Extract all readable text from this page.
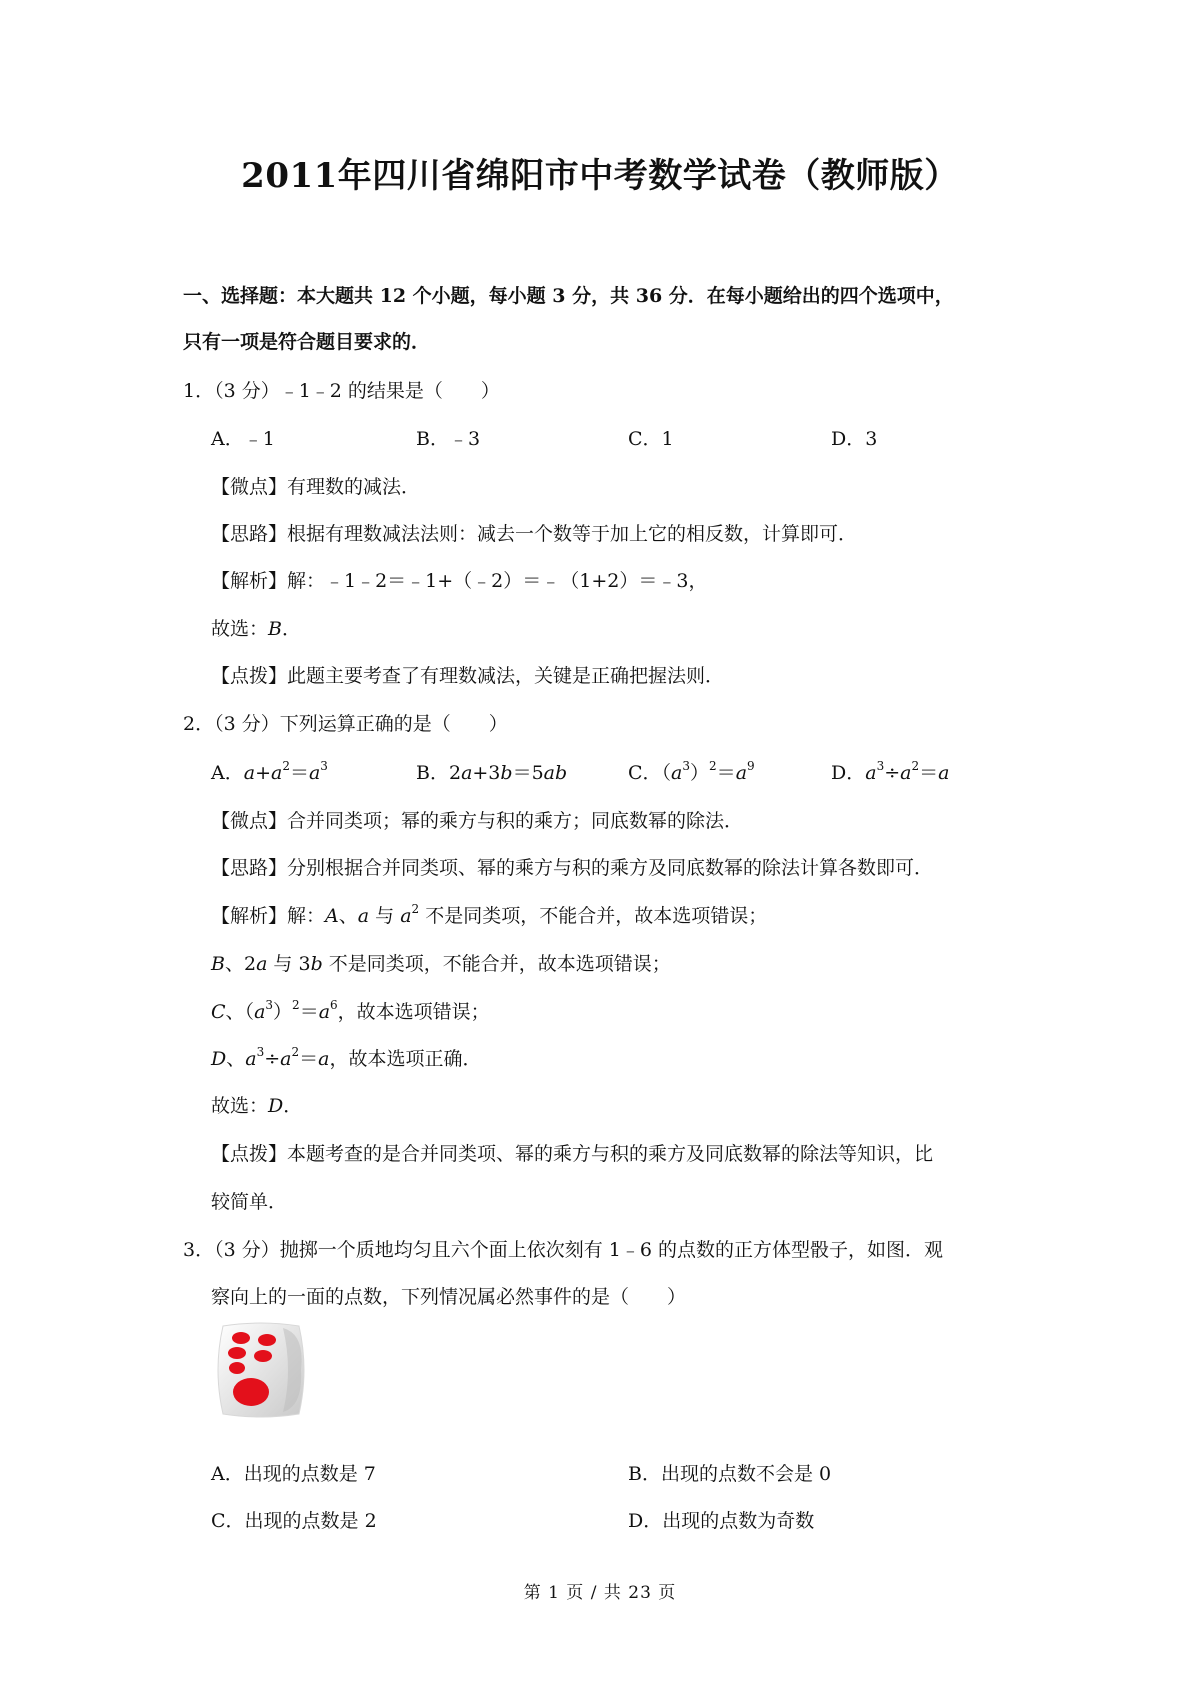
2011年四川省绵阳市中考数学试卷（教师版）
一、选择题：本大题共 12 个小题，每小题 3 分，共 36 分．在每小题给出的四个选项中，
只有一项是符合题目要求的．
1．（3 分）﹣1﹣2 的结果是（　　）
A．﹣1	B．﹣3	C．1	D．3
【微点】有理数的减法．
【思路】根据有理数减法法则：减去一个数等于加上它的相反数，计算即可．
【解析】解：﹣1﹣2＝﹣1+（﹣2）＝﹣（1+2）＝﹣3，
故选：B．
【点拨】此题主要考查了有理数减法，关键是正确把握法则．
2．（3 分）下列运算正确的是（　　）
A．$a+a^2=a^3$	B．2a+3b＝5ab	C．$(a^3)^2=a^9$	D．$a^3\div a^2=a$
【微点】合并同类项；幂的乘方与积的乘方；同底数幂的除法．
【思路】分别根据合并同类项、幂的乘方与积的乘方及同底数幂的除法计算各数即可．
【解析】解：A、a 与 $a^2$ 不是同类项，不能合并，故本选项错误；
B、2a 与 3b 不是同类项，不能合并，故本选项错误；
C、$(a^3)^2=a^6$，故本选项错误；
D、$a^3\div a^2=a$，故本选项正确．
故选：D．
【点拨】本题考查的是合并同类项、幂的乘方与积的乘方及同底数幂的除法等知识，比
较简单．
3．（3 分）抛掷一个质地均匀且六个面上依次刻有 1﹣6 的点数的正方体型骰子，如图．观
察向上的一面的点数，下列情况属必然事件的是（　　）
A．出现的点数是 7	B．出现的点数不会是 0
C．出现的点数是 2	D．出现的点数为奇数
第 1 页 / 共 23 页
